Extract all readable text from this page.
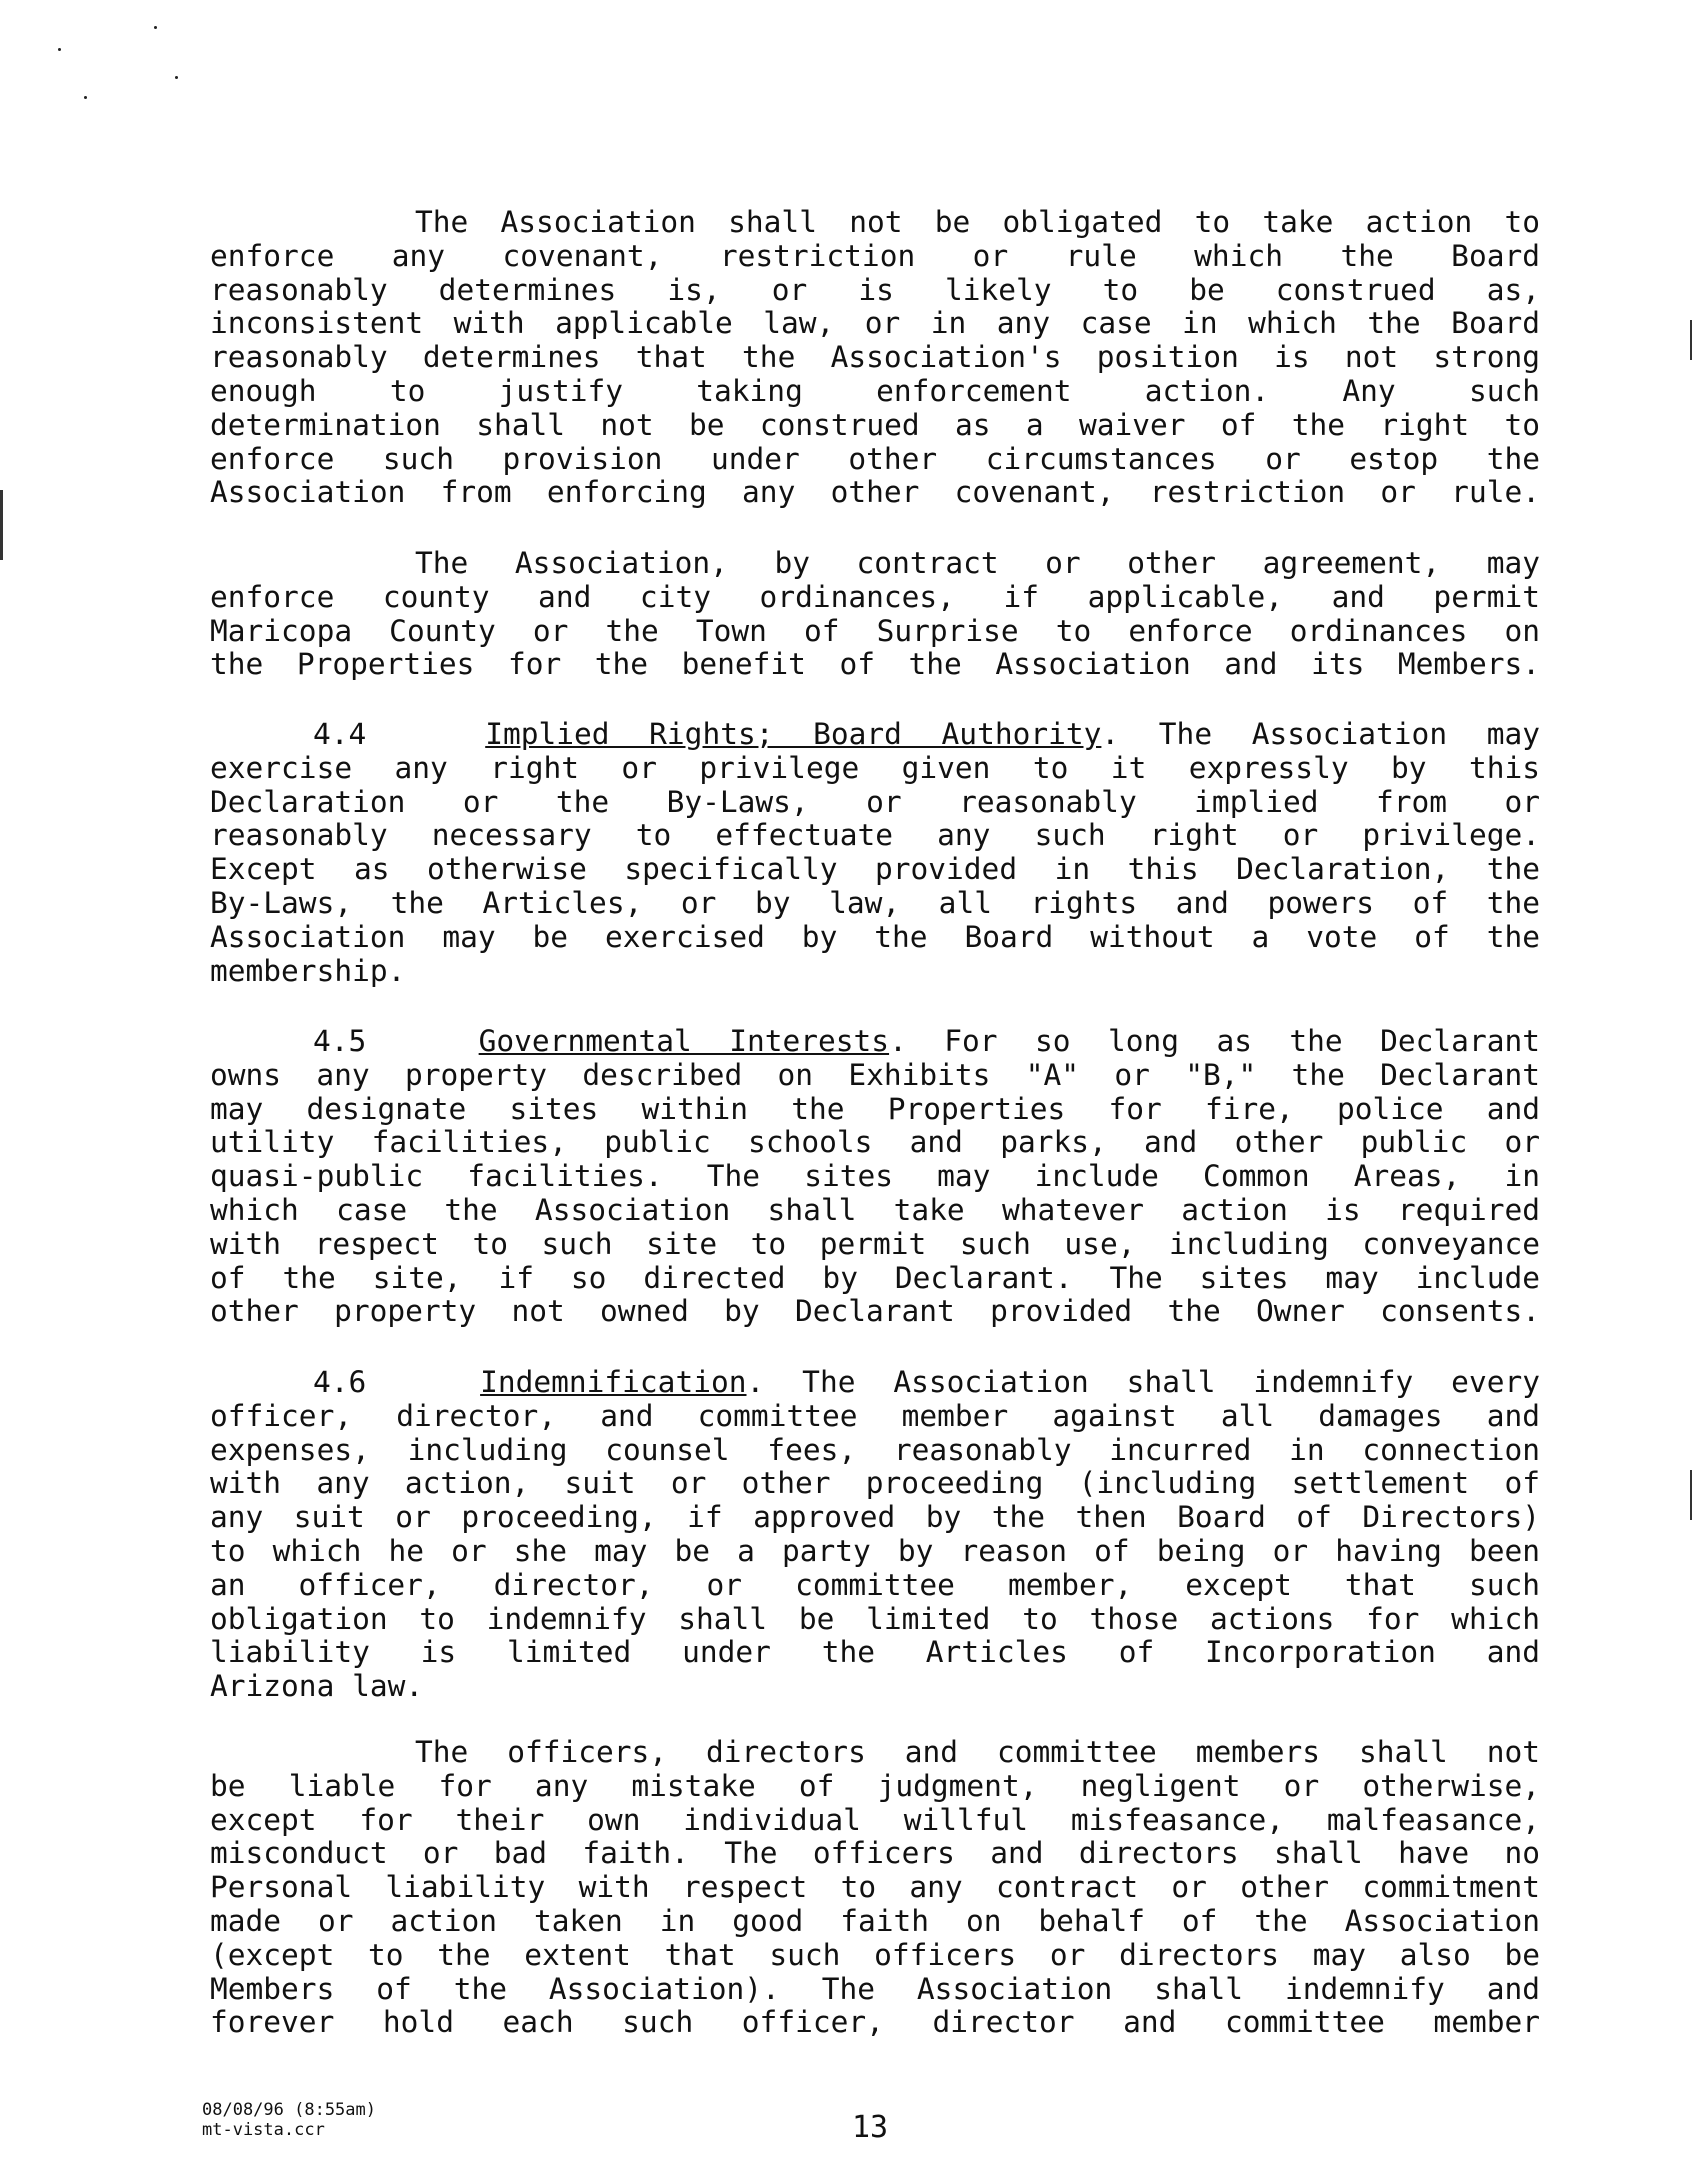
The Association shall not be obligated to take action to
enforce any covenant, restriction or rule which the Board
reasonably determines is, or is likely to be construed as,
inconsistent with applicable law, or in any case in which the Board
reasonably determines that the Association's position is not strong
enough to justify taking enforcement action. Any such
determination shall not be construed as a waiver of the right to
enforce such provision under other circumstances or estop the
Association from enforcing any other covenant, restriction or rule.
The Association, by contract or other agreement, may
enforce county and city ordinances, if applicable, and permit
Maricopa County or the Town of Surprise to enforce ordinances on
the Properties for the benefit of the Association and its Members.
4.4	Implied Rights; Board Authority. The Association may
exercise any right or privilege given to it expressly by this
Declaration or the By-Laws, or reasonably implied from or
reasonably necessary to effectuate any such right or privilege.
Except as otherwise specifically provided in this Declaration, the
By-Laws, the Articles, or by law, all rights and powers of the
Association may be exercised by the Board without a vote of the
membership.
4.5	Governmental Interests. For so long as the Declarant
owns any property described on Exhibits "A" or "B," the Declarant
may designate sites within the Properties for fire, police and
utility facilities, public schools and parks, and other public or
quasi-public facilities. The sites may include Common Areas, in
which case the Association shall take whatever action is required
with respect to such site to permit such use, including conveyance
of the site, if so directed by Declarant. The sites may include
other property not owned by Declarant provided the Owner consents.
4.6	Indemnification. The Association shall indemnify every
officer, director, and committee member against all damages and
expenses, including counsel fees, reasonably incurred in connection
with any action, suit or other proceeding (including settlement of
any suit or proceeding, if approved by the then Board of Directors)
to which he or she may be a party by reason of being or having been
an officer, director, or committee member, except that such
obligation to indemnify shall be limited to those actions for which
liability is limited under the Articles of Incorporation and
Arizona law.
The officers, directors and committee members shall not
be liable for any mistake of judgment, negligent or otherwise,
except for their own individual willful misfeasance, malfeasance,
misconduct or bad faith. The officers and directors shall have no
Personal liability with respect to any contract or other commitment
made or action taken in good faith on behalf of the Association
(except to the extent that such officers or directors may also be
Members of the Association). The Association shall indemnify and
forever hold each such officer, director and committee member
08/08/96 (8:55am)
mt-vista.ccr	13
